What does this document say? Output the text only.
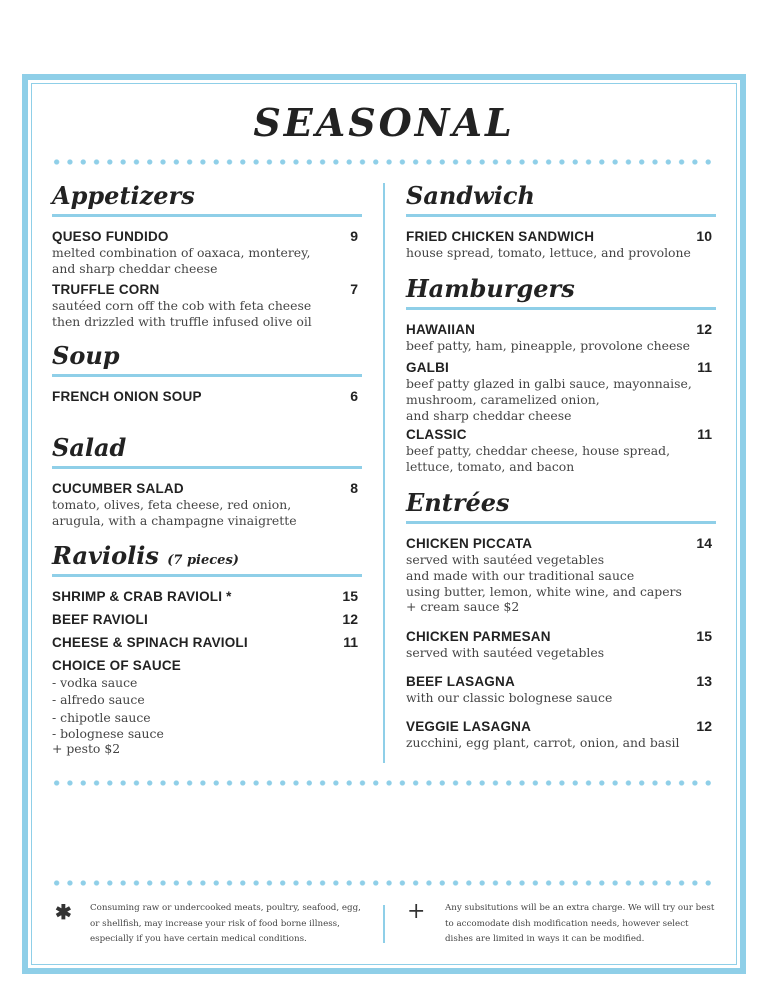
SEASONAL
Appetizers
QUESO FUNDIDO	9
melted combination of oaxaca, monterey,
and sharp cheddar cheese
TRUFFLE CORN	7
sautéed corn off the cob with feta cheese
then drizzled with truffle infused olive oil
Soup
FRENCH ONION SOUP	6
Salad
CUCUMBER SALAD	8
tomato, olives, feta cheese, red onion,
arugula, with a champagne vinaigrette
Raviolis (7 pieces)
SHRIMP & CRAB RAVIOLI *	15
BEEF RAVIOLI	12
CHEESE & SPINACH RAVIOLI	11
CHOICE OF SAUCE
- vodka sauce
- alfredo sauce
- chipotle sauce
- bolognese sauce
+ pesto $2
Sandwich
FRIED CHICKEN SANDWICH	10
house spread, tomato, lettuce, and provolone
Hamburgers
HAWAIIAN	12
beef patty, ham, pineapple, provolone cheese
GALBI	11
beef patty glazed in galbi sauce, mayonnaise,
mushroom, caramelized onion,
and sharp cheddar cheese
CLASSIC	11
beef patty, cheddar cheese, house spread,
lettuce, tomato, and bacon
Entrées
CHICKEN PICCATA	14
served with sautéed vegetables
and made with our traditional sauce
using butter, lemon, white wine, and capers
+ cream sauce $2
CHICKEN PARMESAN	15
served with sautéed vegetables
BEEF LASAGNA	13
with our classic bolognese sauce
VEGGIE LASAGNA	12
zucchini, egg plant, carrot, onion, and basil
✱ Consuming raw or undercooked meats, poultry, seafood, egg, or shellfish, may increase your risk of food borne illness, especially if you have certain medical conditions.
+ Any subsitutions will be an extra charge. We will try our best to accomodate dish modification needs, however select dishes are limited in ways it can be modified.
